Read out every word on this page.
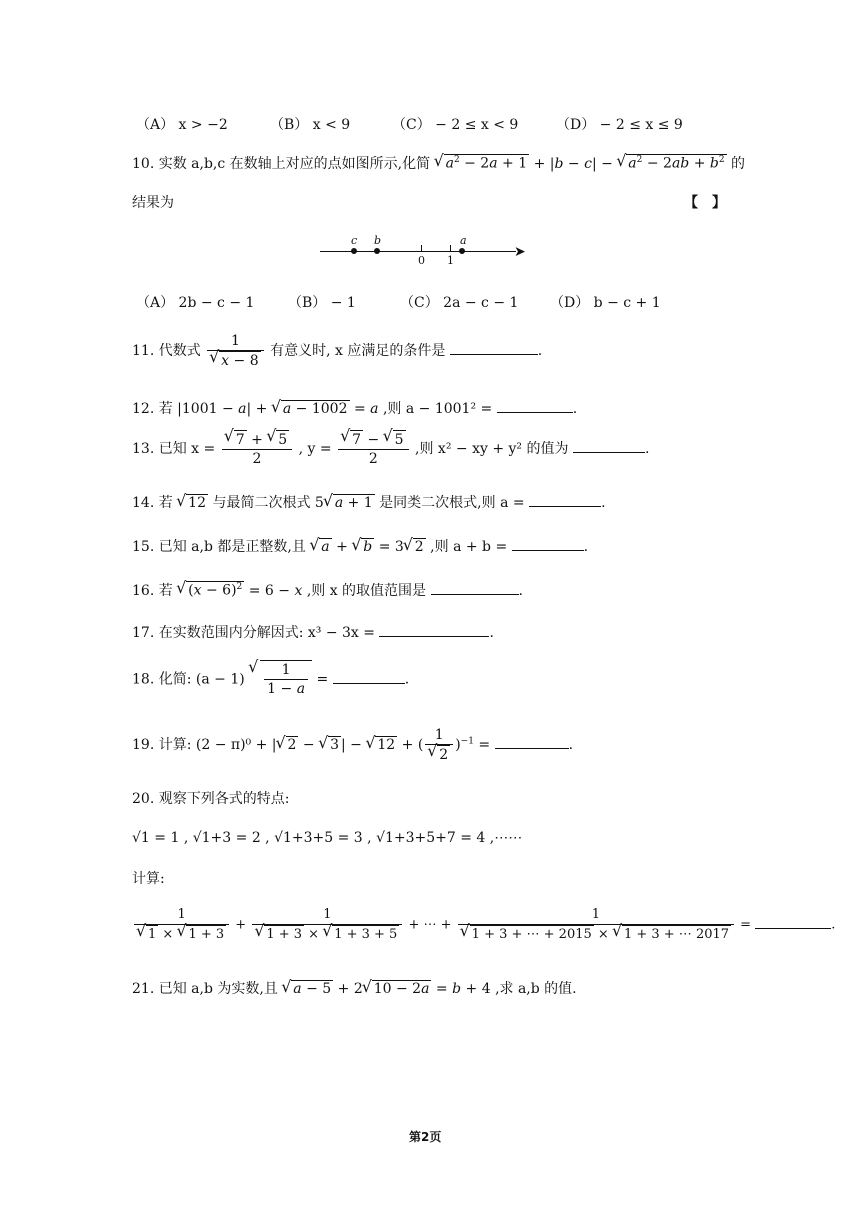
（A） x > −2	（B） x < 9	（C） − 2 ≤ x < 9	（D） − 2 ≤ x ≤ 9
10. 实数 a,b,c 在数轴上对应的点如图所示,化简 √ $a^2 - 2a + 1 + |b - c|$ − √ $a^2 - 2ab + b^2$ 的
结果为	【　】
➤
c b
0 1
a
（A） 2b − c − 1 （B） − 1	（C） 2a − c − 1 （D） b − c + 1
11. 代数式 1
√ x − 8 有意义时, x 应满足的条件是	.
12. 若 |1001 − a| + √ a − 1002 = a ,则 a − 1001² =	.
13. 已知 x = √ $\frac{7 + √ 5}{2}$ , y = √ $\frac{7 - √ 5}{2}$ ,则 x² − xy + y² 的值为	.
14. 若 √ 12 与最简二次根式 5 √ a + 1 是同类二次根式,则 a =	.
15. 已知 a,b 都是正整数,且 √ a + √ b = 3 √ 2 ,则 a + b =	.
16. 若 √ $(x - 6)^2 = 6 - x$ ,则 x 的取值范围是	.
17. 在实数范围内分解因式: x³ − 3x =	.
18. 化简: (a − 1) √ $\frac{1}{1 - a}$ =	.
19. 计算: (2 − π)⁰ + | √ 2 − √ 3 | − √ 12 + ( 1
√ 2 )$^{-1}$ =	.
20. 观察下列各式的特点:
√1 = 1 , √1+3 = 2 , √1+3+5 = 3 , √1+3+5+7 = 4 ,⋯⋯
计算:
1
√ 1 × √ 1 + 3 + 1
√ 1 + 3 × √ 1 + 3 + 5 + ⋯ + 1
√ 1 + 3 + ⋯ + 2015 × √ 1 + 3 + ⋯ 2017 =	.
21. 已知 a,b 为实数,且 √ a − 5 + 2 √ 10 − 2a = b + 4 ,求 a,b 的值.
第2页
